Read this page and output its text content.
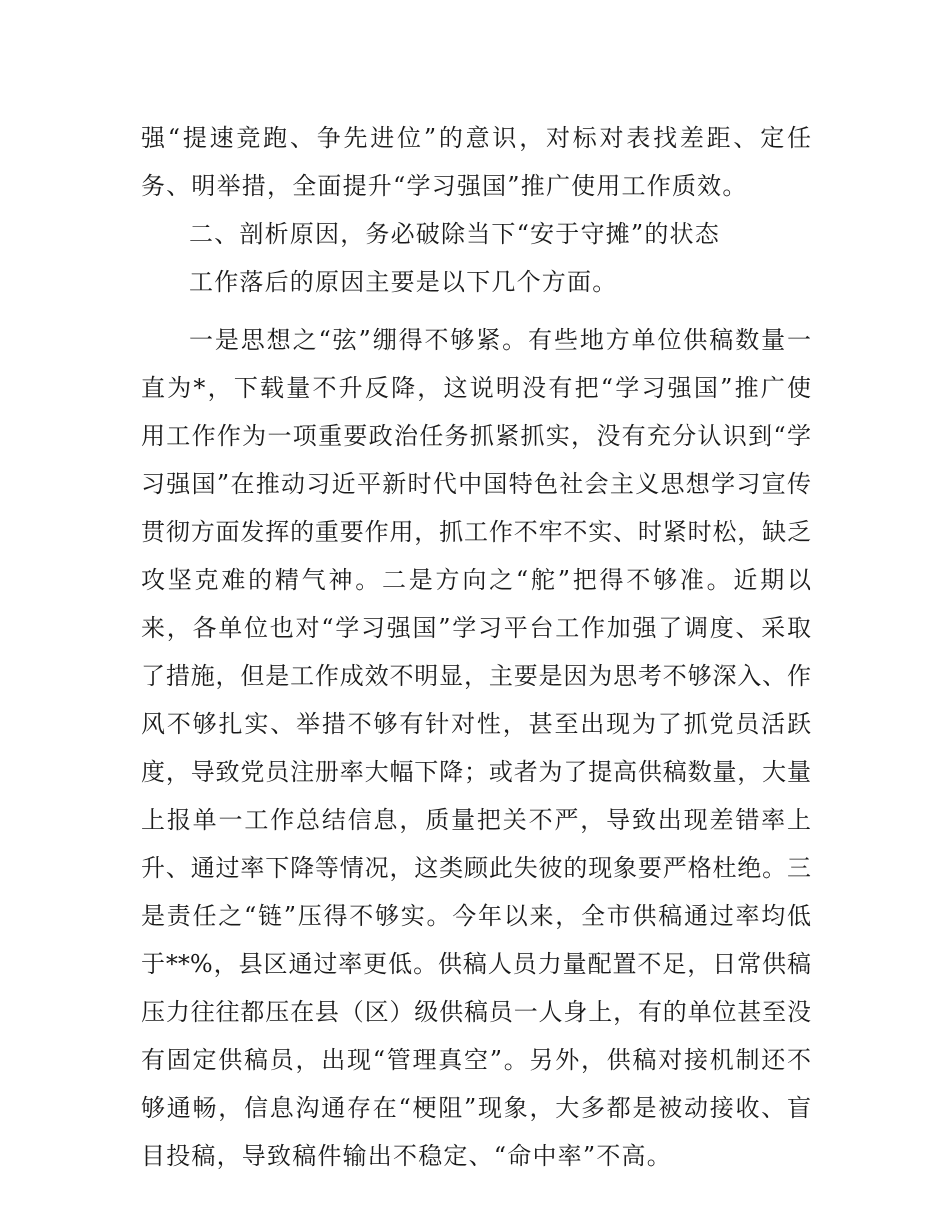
强“提速竞跑、争先进位”的意识，对标对表找差距、定任
务、明举措，全面提升“学习强国”推广使用工作质效。
二、剖析原因，务必破除当下“安于守摊”的状态
工作落后的原因主要是以下几个方面。
一是思想之“弦”绷得不够紧。有些地方单位供稿数量一
直为*，下载量不升反降，这说明没有把“学习强国”推广使
用工作作为一项重要政治任务抓紧抓实，没有充分认识到“学
习强国”在推动习近平新时代中国特色社会主义思想学习宣传
贯彻方面发挥的重要作用，抓工作不牢不实、时紧时松，缺乏
攻坚克难的精气神。二是方向之“舵”把得不够准。近期以
来，各单位也对“学习强国”学习平台工作加强了调度、采取
了措施，但是工作成效不明显，主要是因为思考不够深入、作
风不够扎实、举措不够有针对性，甚至出现为了抓党员活跃
度，导致党员注册率大幅下降；或者为了提高供稿数量，大量
上报单一工作总结信息，质量把关不严，导致出现差错率上
升、通过率下降等情况，这类顾此失彼的现象要严格杜绝。三
是责任之“链”压得不够实。今年以来，全市供稿通过率均低
于**%，县区通过率更低。供稿人员力量配置不足，日常供稿
压力往往都压在县（区）级供稿员一人身上，有的单位甚至没
有固定供稿员，出现“管理真空”。另外，供稿对接机制还不
够通畅，信息沟通存在“梗阻”现象，大多都是被动接收、盲
目投稿，导致稿件输出不稳定、“命中率”不高。
